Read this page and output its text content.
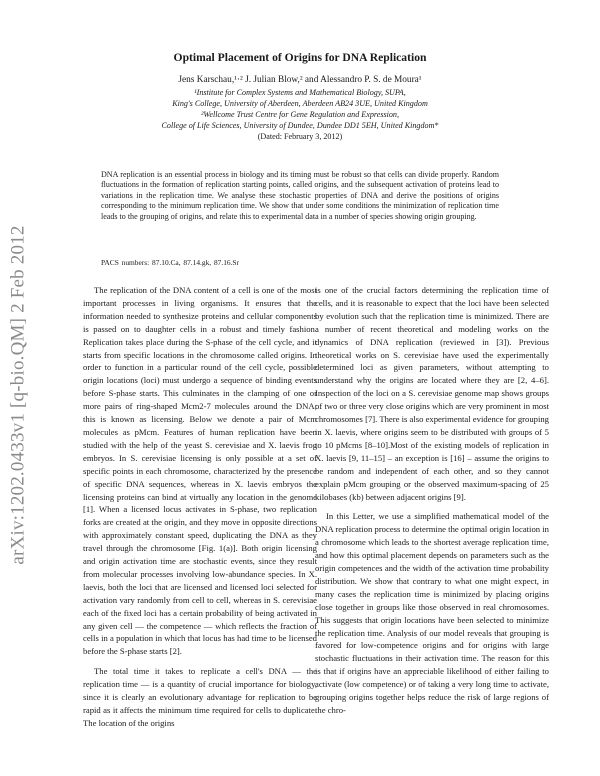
arXiv:1202.0433v1 [q-bio.QM] 2 Feb 2012
Optimal Placement of Origins for DNA Replication
Jens Karschau,¹·² J. Julian Blow,² and Alessandro P. S. de Moura¹
¹Institute for Complex Systems and Mathematical Biology, SUPA,
King's College, University of Aberdeen, Aberdeen AB24 3UE, United Kingdom
²Wellcome Trust Centre for Gene Regulation and Expression,
College of Life Sciences, University of Dundee, Dundee DD1 5EH, United Kingdom*
(Dated: February 3, 2012)
DNA replication is an essential process in biology and its timing must be robust so that cells can divide properly. Random fluctuations in the formation of replication starting points, called origins, and the subsequent activation of proteins lead to variations in the replication time. We analyse these stochastic properties of DNA and derive the positions of origins corresponding to the minimum replication time. We show that under some conditions the minimization of replication time leads to the grouping of origins, and relate this to experimental data in a number of species showing origin grouping.
PACS numbers: 87.10.Ca, 87.14.gk, 87.16.Sr

The replication of the DNA content of a cell is one of the most important processes in living organisms. It ensures that the information needed to synthesize proteins and cellular components is passed on to daughter cells in a robust and timely fashion. Replication takes place during the S-phase of the cell cycle, and it starts from specific locations in the chromosome called origins. In order to function in a particular round of the cell cycle, possible origin locations (loci) must undergo a sequence of binding events before S-phase starts. This culminates in the clamping of one or more pairs of ring-shaped Mcm2-7 molecules around the DNA; this is known as licensing. Below we denote a pair of Mcm molecules as pMcm. Features of human replication have been studied with the help of the yeast S. cerevisiae and X. laevis frog embryos. In S. cerevisiae licensing is only possible at a set of specific points in each chromosome, characterized by the presence of specific DNA sequences, whereas in X. laevis embryos the licensing proteins can bind at virtually any location in the genome [1]. When a licensed locus activates in S-phase, two replication forks are created at the origin, and they move in opposite directions with approximately constant speed, duplicating the DNA as they travel through the chromosome [Fig. 1(a)]. Both origin licensing and origin activation time are stochastic events, since they result from molecular processes involving low-abundance species. In X. laevis, both the loci that are licensed and licensed loci selected for activation vary randomly from cell to cell, whereas in S. cerevisiae each of the fixed loci has a certain probability of being activated in any given cell — the competence — which reflects the fraction of cells in a population in which that locus has had time to be licensed before the S-phase starts [2].

The total time it takes to replicate a cell's DNA — the replication time — is a quantity of crucial importance for biology, since it is clearly an evolutionary advantage for replication to be rapid as it affects the minimum time required for cells to duplicate. The location of the origins

is one of the crucial factors determining the replication time of cells, and it is reasonable to expect that the loci have been selected by evolution such that the replication time is minimized. There are a number of recent theoretical and modeling works on the dynamics of DNA replication (reviewed in [3]). Previous theoretical works on S. cerevisiae have used the experimentally determined loci as given parameters, without attempting to understand why the origins are located where they are [2, 4–6]. Inspection of the loci on a S. cerevisiae genome map shows groups of two or three very close origins which are very prominent in most chromosomes [7]. There is also experimental evidence for grouping in X. laevis, where origins seem to be distributed with groups of 5 to 10 pMcms [8–10].Most of the existing models of replication in X. laevis [9, 11–15] – an exception is [16] – assume the origins to be random and independent of each other, and so they cannot explain pMcm grouping or the observed maximum-spacing of 25 kilobases (kb) between adjacent origins [9].

In this Letter, we use a simplified mathematical model of the DNA replication process to determine the optimal origin location in a chromosome which leads to the shortest average replication time, and how this optimal placement depends on parameters such as the origin competences and the width of the activation time probability distribution. We show that contrary to what one might expect, in many cases the replication time is minimized by placing origins close together in groups like those observed in real chromosomes. This suggests that origin locations have been selected to minimize the replication time. Analysis of our model reveals that grouping is favored for low-competence origins and for origins with large stochastic fluctuations in their activation time. The reason for this is that if origins have an appreciable likelihood of either failing to activate (low competence) or of taking a very long time to activate, grouping origins together helps reduce the risk of large regions of the chro-
